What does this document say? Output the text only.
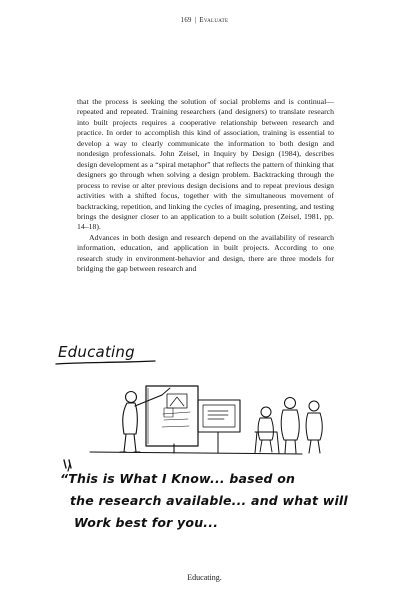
169 | Evaluate

that the process is seeking the solution of social problems and is continual—repeated and repeated. Training researchers (and designers) to translate research into built projects requires a cooperative relationship between research and practice. In order to accomplish this kind of association, training is essential to develop a way to clearly communicate the information to both design and nondesign professionals. John Zeisel, in Inquiry by Design (1984), describes design development as a “spiral metaphor” that reflects the pattern of thinking that designers go through when solving a design problem. Backtracking through the process to revise or alter previous design decisions and to repeat previous design activities with a shifted focus, together with the simultaneous movement of backtracking, repetition, and linking the cycles of imaging, presenting, and testing brings the designer closer to an application to a built solution (Zeisel, 1981, pp. 14–18).

Advances in both design and research depend on the availability of research information, education, and application in built projects. According to one research study in environment-behavior and design, there are three models for bridging the gap between research and

Educating
“This is What I Know... based on
the research available... and what will
Work best for you...
Educating.
